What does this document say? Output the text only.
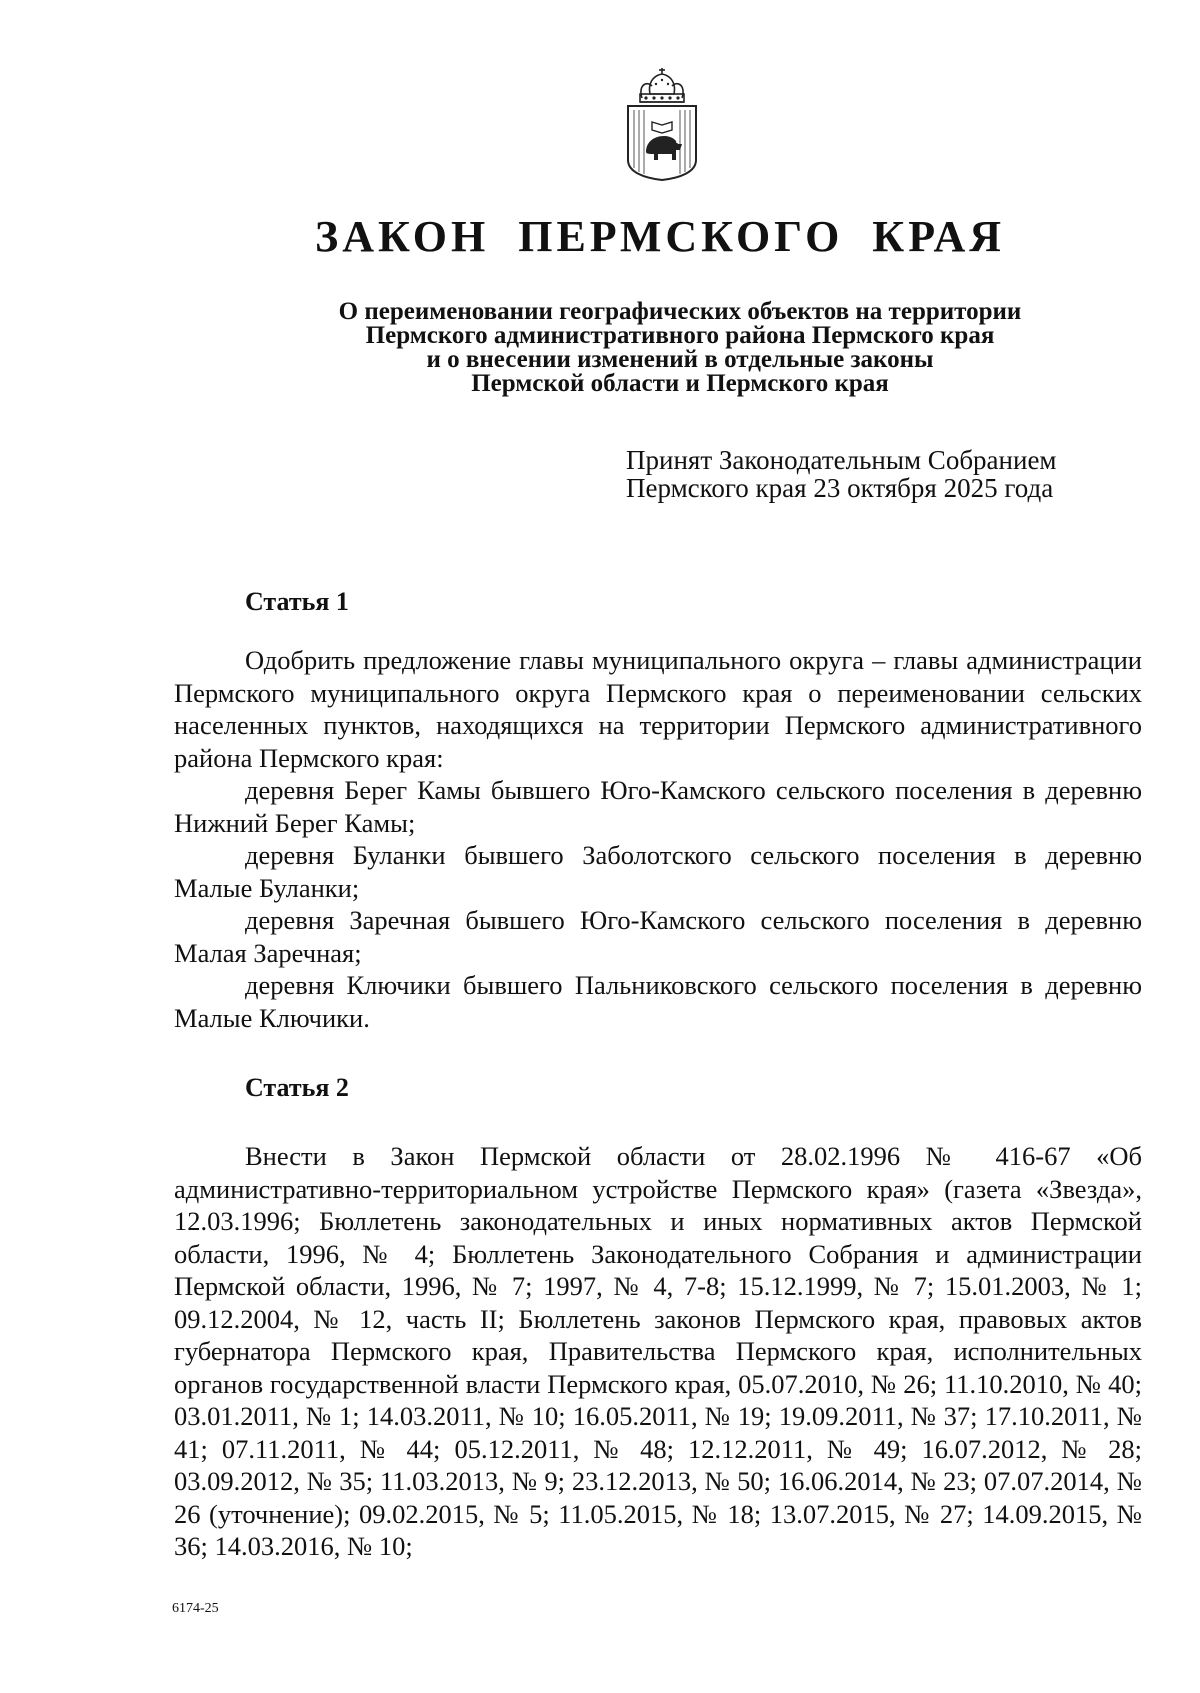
ЗАКОН ПЕРМСКОГО КРАЯ
О переименовании географических объектов на территории
Пермского административного района Пермского края
и о внесении изменений в отдельные законы
Пермской области и Пермского края
Принят Законодательным Собранием
Пермского края 23 октября 2025 года
Статья 1

Одобрить предложение главы муниципального округа – главы администрации Пермского муниципального округа Пермского края о переименовании сельских населенных пунктов, находящихся на территории Пермского административного района Пермского края:

деревня Берег Камы бывшего Юго-Камского сельского поселения в деревню Нижний Берег Камы;

деревня Буланки бывшего Заболотского сельского поселения в деревню Малые Буланки;

деревня Заречная бывшего Юго-Камского сельского поселения в деревню Малая Заречная;

деревня Ключики бывшего Пальниковского сельского поселения в деревню Малые Ключики.

Статья 2

Внести в Закон Пермской области от 28.02.1996 № 416-67 «Об административно-территориальном устройстве Пермского края» (газета «Звезда», 12.03.1996; Бюллетень законодательных и иных нормативных актов Пермской области, 1996, № 4; Бюллетень Законодательного Собрания и администрации Пермской области, 1996, № 7; 1997, № 4, 7-8; 15.12.1999, № 7; 15.01.2003, № 1; 09.12.2004, № 12, часть II; Бюллетень законов Пермского края, правовых актов губернатора Пермского края, Правительства Пермского края, исполнительных органов государственной власти Пермского края, 05.07.2010, № 26; 11.10.2010, № 40; 03.01.2011, № 1; 14.03.2011, № 10; 16.05.2011, № 19; 19.09.2011, № 37; 17.10.2011, № 41; 07.11.2011, № 44; 05.12.2011, № 48; 12.12.2011, № 49; 16.07.2012, № 28; 03.09.2012, № 35; 11.03.2013, № 9; 23.12.2013, № 50; 16.06.2014, № 23; 07.07.2014, № 26 (уточнение); 09.02.2015, № 5; 11.05.2015, № 18; 13.07.2015, № 27; 14.09.2015, № 36; 14.03.2016, № 10;

6174-25
